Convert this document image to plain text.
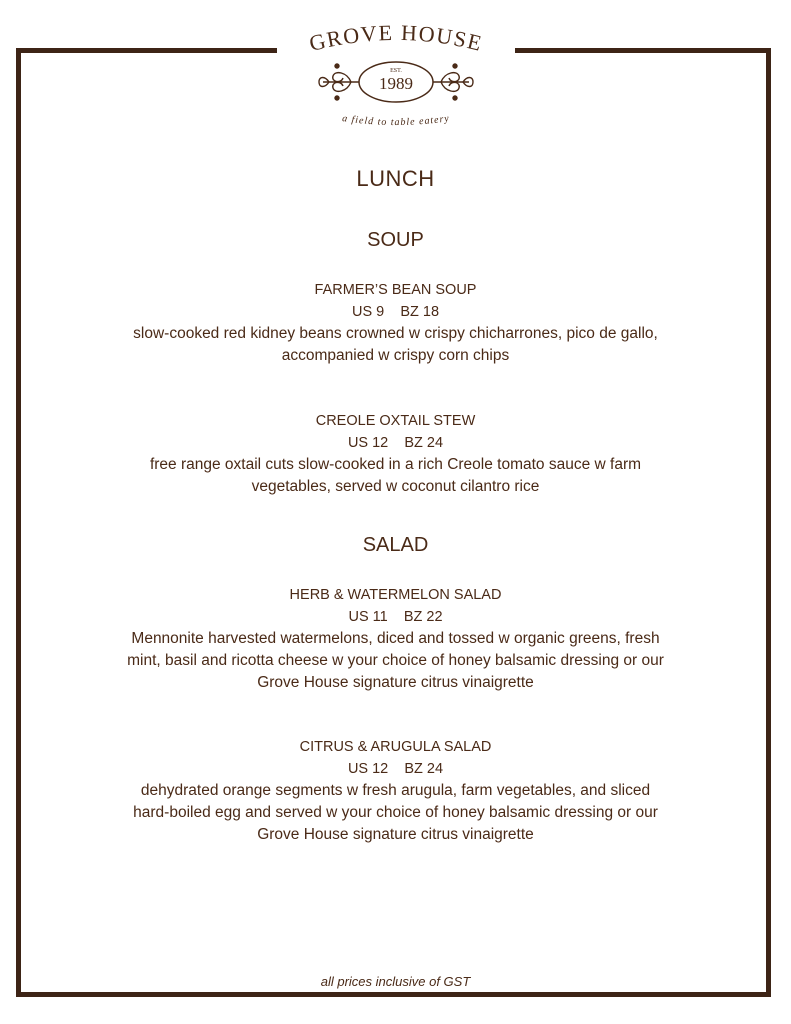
GROVE HOUSE
EST.
1989
a field to table eatery
LUNCH
SOUP
FARMER’S BEAN SOUP
US 9    BZ 18
slow-cooked red kidney beans crowned w crispy chicharrones, pico de gallo,
accompanied w crispy corn chips
CREOLE OXTAIL STEW
US 12    BZ 24
free range oxtail cuts slow-cooked in a rich Creole tomato sauce w farm
vegetables, served w coconut cilantro rice
SALAD
HERB & WATERMELON SALAD
US 11    BZ 22
Mennonite harvested watermelons, diced and tossed w organic greens, fresh
mint, basil and ricotta cheese w your choice of honey balsamic dressing or our
Grove House signature citrus vinaigrette
CITRUS & ARUGULA SALAD
US 12    BZ 24
dehydrated orange segments w fresh arugula, farm vegetables, and sliced
hard-boiled egg and served w your choice of honey balsamic dressing or our
Grove House signature citrus vinaigrette
all prices inclusive of GST
